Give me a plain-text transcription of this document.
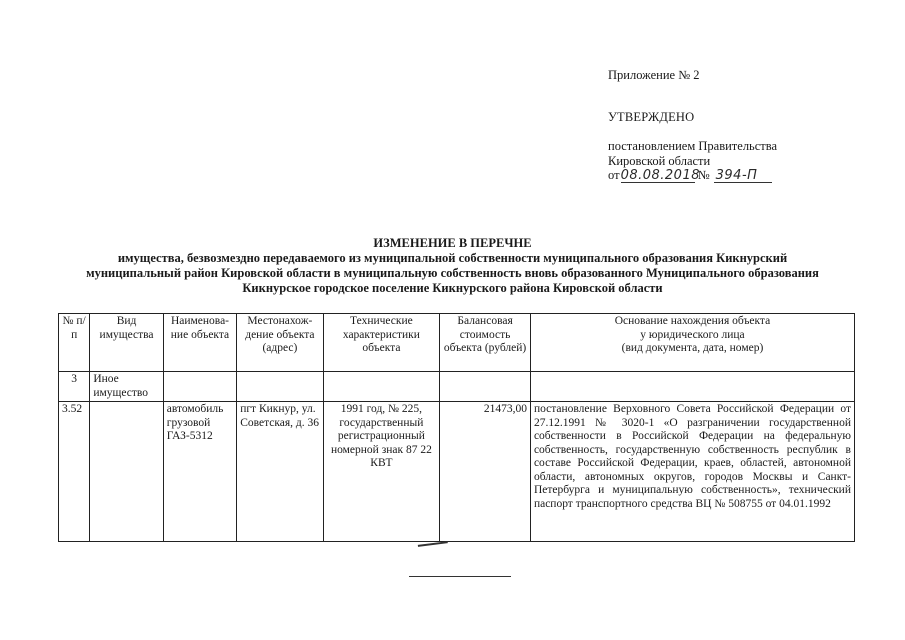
Приложение № 2
УТВЕРЖДЕНО
постановлением Правительства
Кировской области
от08.08.2018 № 394-П
ИЗМЕНЕНИЕ В ПЕРЕЧНЕ
имущества, безвозмездно передаваемого из муниципальной собственности муниципального образования Кикнурский
муниципальный район Кировской области в муниципальную собственность вновь образованного Муниципального образования
Кикнурское городское поселение Кикнурского района Кировской области
№ п/п	Вид имущества	Наименова-ние объекта	Местонахож-дение объекта (адрес)	Технические характеристики объекта	Балансовая стоимость объекта (рублей)	Основание нахождения объекта
у юридического лица
(вид документа, дата, номер)

3	Иное имущество					
3.52		автомобиль грузовой ГАЗ-5312	пгт Кикнур, ул. Советская, д. 36	1991 год, № 225, государственный регистрационный номерной знак 87 22 КВТ	21473,00	постановление Верховного Совета Российской Федерации от 27.12.1991 № 3020-1 «О разграничении государственной собственности в Российской Федерации на федеральную собственность, государственную собственность республик в составе Российской Федерации, краев, областей, автономной области, автономных округов, городов Москвы и Санкт-Петербурга и муниципальную собственность», технический паспорт транспортного средства ВЦ № 508755 от 04.01.1992
